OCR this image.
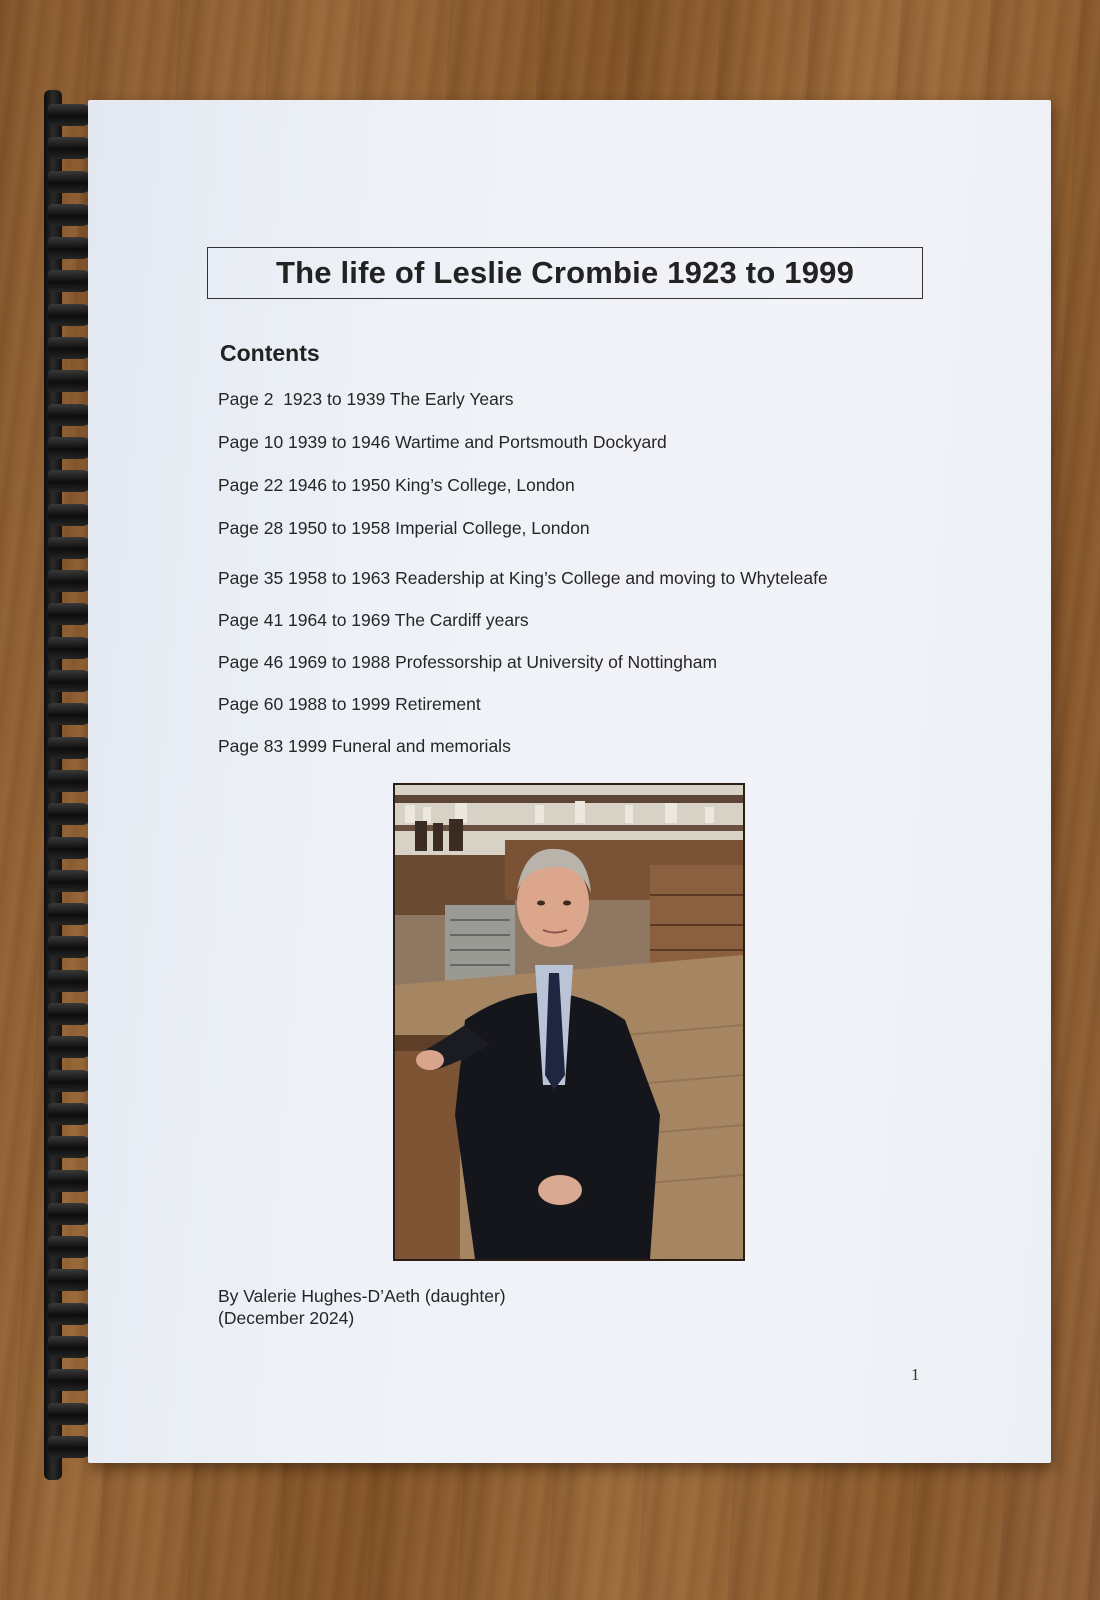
The life of Leslie Crombie 1923 to 1999
Contents
Page 2  1923 to 1939 The Early Years
Page 10 1939 to 1946 Wartime and Portsmouth Dockyard
Page 22 1946 to 1950 King’s College, London
Page 28 1950 to 1958 Imperial College, London
Page 35 1958 to 1963 Readership at King’s College and moving to Whyteleafe
Page 41 1964 to 1969 The Cardiff years
Page 46 1969 to 1988 Professorship at University of Nottingham
Page 60 1988 to 1999 Retirement
Page 83 1999 Funeral and memorials
By Valerie Hughes-D’Aeth (daughter)
(December 2024)
1
